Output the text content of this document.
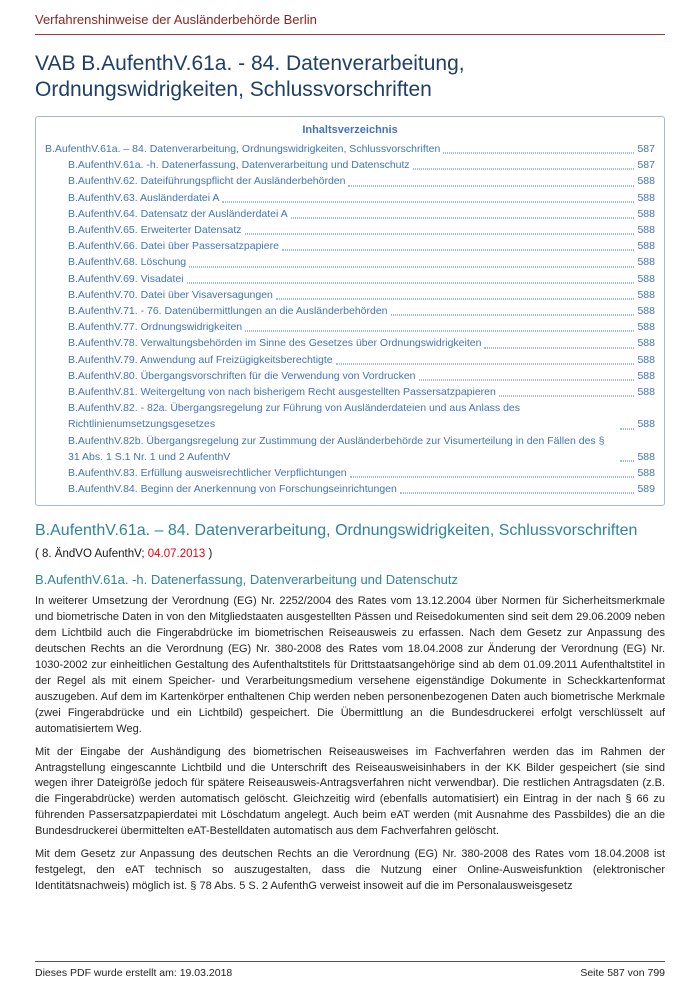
Verfahrenshinweise der Ausländerbehörde Berlin
VAB B.AufenthV.61a. - 84. Datenverarbeitung, Ordnungswidrigkeiten, Schlussvorschriften
Inhaltsverzeichnis
B.AufenthV.61a. – 84. Datenverarbeitung, Ordnungswidrigkeiten, Schlussvorschriften	587
B.AufenthV.61a. -h. Datenerfassung, Datenverarbeitung und Datenschutz	587
B.AufenthV.62. Dateiführungspflicht der Ausländerbehörden	588
B.AufenthV.63. Ausländerdatei A	588
B.AufenthV.64. Datensatz der Ausländerdatei A	588
B.AufenthV.65. Erweiterter Datensatz	588
B.AufenthV.66. Datei über Passersatzpapiere	588
B.AufenthV.68. Löschung	588
B.AufenthV.69. Visadatei	588
B.AufenthV.70. Datei über Visaversagungen	588
B.AufenthV.71. - 76. Datenübermittlungen an die Ausländerbehörden	588
B.AufenthV.77. Ordnungswidrigkeiten	588
B.AufenthV.78. Verwaltungsbehörden im Sinne des Gesetzes über Ordnungswidrigkeiten	588
B.AufenthV.79. Anwendung auf Freizügigkeitsberechtigte	588
B.AufenthV.80. Übergangsvorschriften für die Verwendung von Vordrucken	588
B.AufenthV.81. Weitergeltung von nach bisherigem Recht ausgestellten Passersatzpapieren	588
B.AufenthV.82. - 82a. Übergangsregelung zur Führung von Ausländerdateien und aus Anlass des Richtlinienumsetzungsgesetzes	588
B.AufenthV.82b. Übergangsregelung zur Zustimmung der Ausländerbehörde zur Visumerteilung in den Fällen des § 31 Abs. 1 S.1 Nr. 1 und 2 AufenthV	588
B.AufenthV.83. Erfüllung ausweisrechtlicher Verpflichtungen	588
B.AufenthV.84. Beginn der Anerkennung von Forschungseinrichtungen	589
B.AufenthV.61a. – 84. Datenverarbeitung, Ordnungswidrigkeiten, Schlussvorschriften

( 8. ÄndVO AufenthV; 04.07.2013 )

B.AufenthV.61a. -h. Datenerfassung, Datenverarbeitung und Datenschutz

In weiterer Umsetzung der Verordnung (EG) Nr. 2252/2004 des Rates vom 13.12.2004 über Normen für Sicherheitsmerkmale und biometrische Daten in von den Mitgliedstaaten ausgestellten Pässen und Reisedokumenten sind seit dem 29.06.2009 neben dem Lichtbild auch die Fingerabdrücke im biometrischen Reiseausweis zu erfassen. Nach dem Gesetz zur Anpassung des deutschen Rechts an die Verordnung (EG) Nr. 380-2008 des Rates vom 18.04.2008 zur Änderung der Verordnung (EG) Nr. 1030-2002 zur einheitlichen Gestaltung des Aufenthaltstitels für Drittstaatsangehörige sind ab dem 01.09.2011 Aufenthaltstitel in der Regel als mit einem Speicher- und Verarbeitungsmedium versehene eigenständige Dokumente in Scheckkartenformat auszugeben. Auf dem im Kartenkörper enthaltenen Chip werden neben personenbezogenen Daten auch biometrische Merkmale (zwei Fingerabdrücke und ein Lichtbild) gespeichert. Die Übermittlung an die Bundesdruckerei erfolgt verschlüsselt auf automatisiertem Weg.

Mit der Eingabe der Aushändigung des biometrischen Reiseausweises im Fachverfahren werden das im Rahmen der Antragstellung eingescannte Lichtbild und die Unterschrift des Reiseausweisinhabers in der KK Bilder gespeichert (sie sind wegen ihrer Dateigröße jedoch für spätere Reiseausweis-Antragsverfahren nicht verwendbar). Die restlichen Antragsdaten (z.B. die Fingerabdrücke) werden automatisch gelöscht. Gleichzeitig wird (ebenfalls automatisiert) ein Eintrag in der nach § 66 zu führenden Passersatzpapierdatei mit Löschdatum angelegt. Auch beim eAT werden (mit Ausnahme des Passbildes) die an die Bundesdruckerei übermittelten eAT-Bestelldaten automatisch aus dem Fachverfahren gelöscht.

Mit dem Gesetz zur Anpassung des deutschen Rechts an die Verordnung (EG) Nr. 380-2008 des Rates vom 18.04.2008 ist festgelegt, den eAT technisch so auszugestalten, dass die Nutzung einer Online-Ausweisfunktion (elektronischer Identitätsnachweis) möglich ist. § 78 Abs. 5 S. 2 AufenthG verweist insoweit auf die im Personalausweisgesetz

Dieses PDF wurde erstellt am: 19.03.2018	Seite 587 von 799
